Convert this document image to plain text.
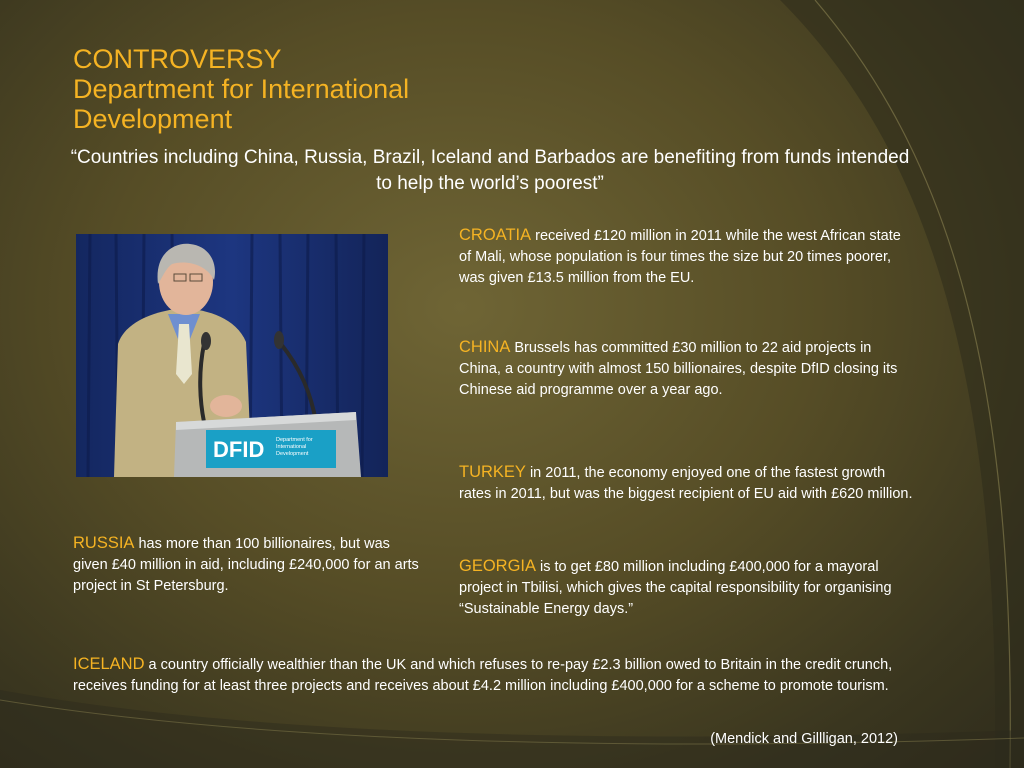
CONTROVERSY
Department for International
Development
“Countries including China, Russia, Brazil, Iceland and Barbados are benefiting from funds intended to help the world’s poorest”
DFID Department for
International
Development
CROATIA received £120 million in 2011 while the west African state of Mali, whose population is four times the size but 20 times poorer, was given £13.5 million from the EU.
CHINA Brussels has committed £30 million to 22 aid projects in China, a country with almost 150 billionaires, despite DfID closing its Chinese aid programme over a year ago.
TURKEY in 2011, the economy enjoyed one of the fastest growth rates in 2011, but was the biggest recipient of EU aid with £620 million.
GEORGIA is to get £80 million including £400,000 for a mayoral project in Tbilisi, which gives the capital responsibility for organising “Sustainable Energy days.”
RUSSIA has more than 100 billionaires, but was given £40 million in aid, including £240,000 for an arts project in St Petersburg.
ICELAND a country officially wealthier than the UK and which refuses to re-pay £2.3 billion owed to Britain in the credit crunch, receives funding for at least three projects and receives about £4.2 million including £400,000 for a scheme to promote tourism.
(Mendick and Gillligan, 2012)
